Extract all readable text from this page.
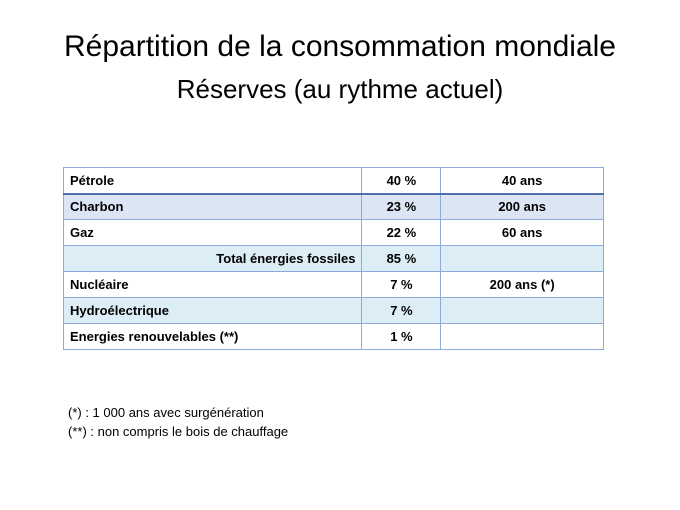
Répartition de la consommation mondiale
Réserves (au rythme actuel)
Pétrole	40 %	40 ans
Charbon	23 %	200 ans
Gaz	22 %	60 ans
Total énergies fossiles	85 %	
Nucléaire	7 %	200 ans (*)
Hydroélectrique	7 %	
Energies renouvelables (**)	1 %	
(*) : 1 000 ans avec surgénération
(**) : non compris le bois de chauffage
